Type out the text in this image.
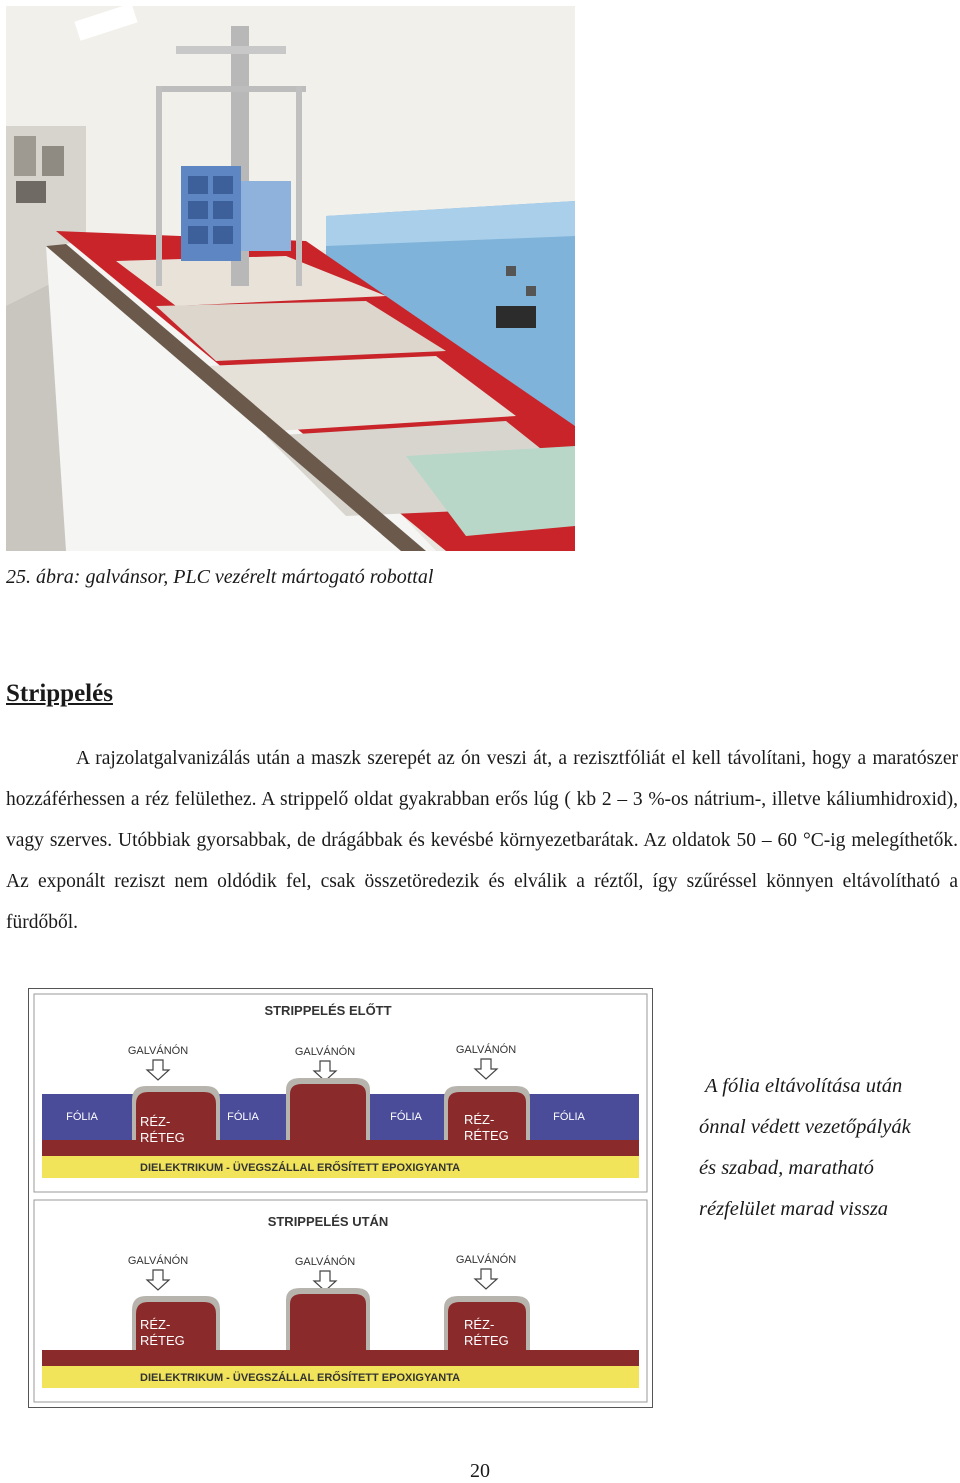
25. ábra: galvánsor, PLC vezérelt mártogató robottal
Strippelés
A rajzolatgalvanizálás után a maszk szerepét az ón veszi át, a rezisztfóliát el kell távolítani, hogy a maratószer hozzáférhessen a réz felülethez. A strippelő oldat gyakrabban erős lúg ( kb 2 – 3 %-os nátrium-, illetve káliumhidroxid), vagy szerves. Utóbbiak gyorsabbak, de drágábbak és kevésbé környezetbarátak. Az oldatok 50 – 60 °C-ig melegíthetők. Az exponált reziszt nem oldódik fel, csak összetöredezik és elválik a réztől, így szűréssel könnyen eltávolítható a fürdőből.
STRIPPELÉS ELŐTT
GALVÁNÓN	GALVÁNÓN	GALVÁNÓN
FÓLIA	FÓLIA	FÓLIA	FÓLIA
RÉZ-
RÉTEG
RÉZ-
RÉTEG
DIELEKTRIKUM - ÜVEGSZÁLLAL ERŐSÍTETT EPOXIGYANTA
STRIPPELÉS UTÁN
GALVÁNÓN	GALVÁNÓN	GALVÁNÓN
RÉZ-
RÉTEG
RÉZ-
RÉTEG
DIELEKTRIKUM - ÜVEGSZÁLLAL ERŐSÍTETT EPOXIGYANTA
A fólia eltávolítása után
ónnal védett vezetőpályák
és szabad, maratható
rézfelület marad vissza
20
